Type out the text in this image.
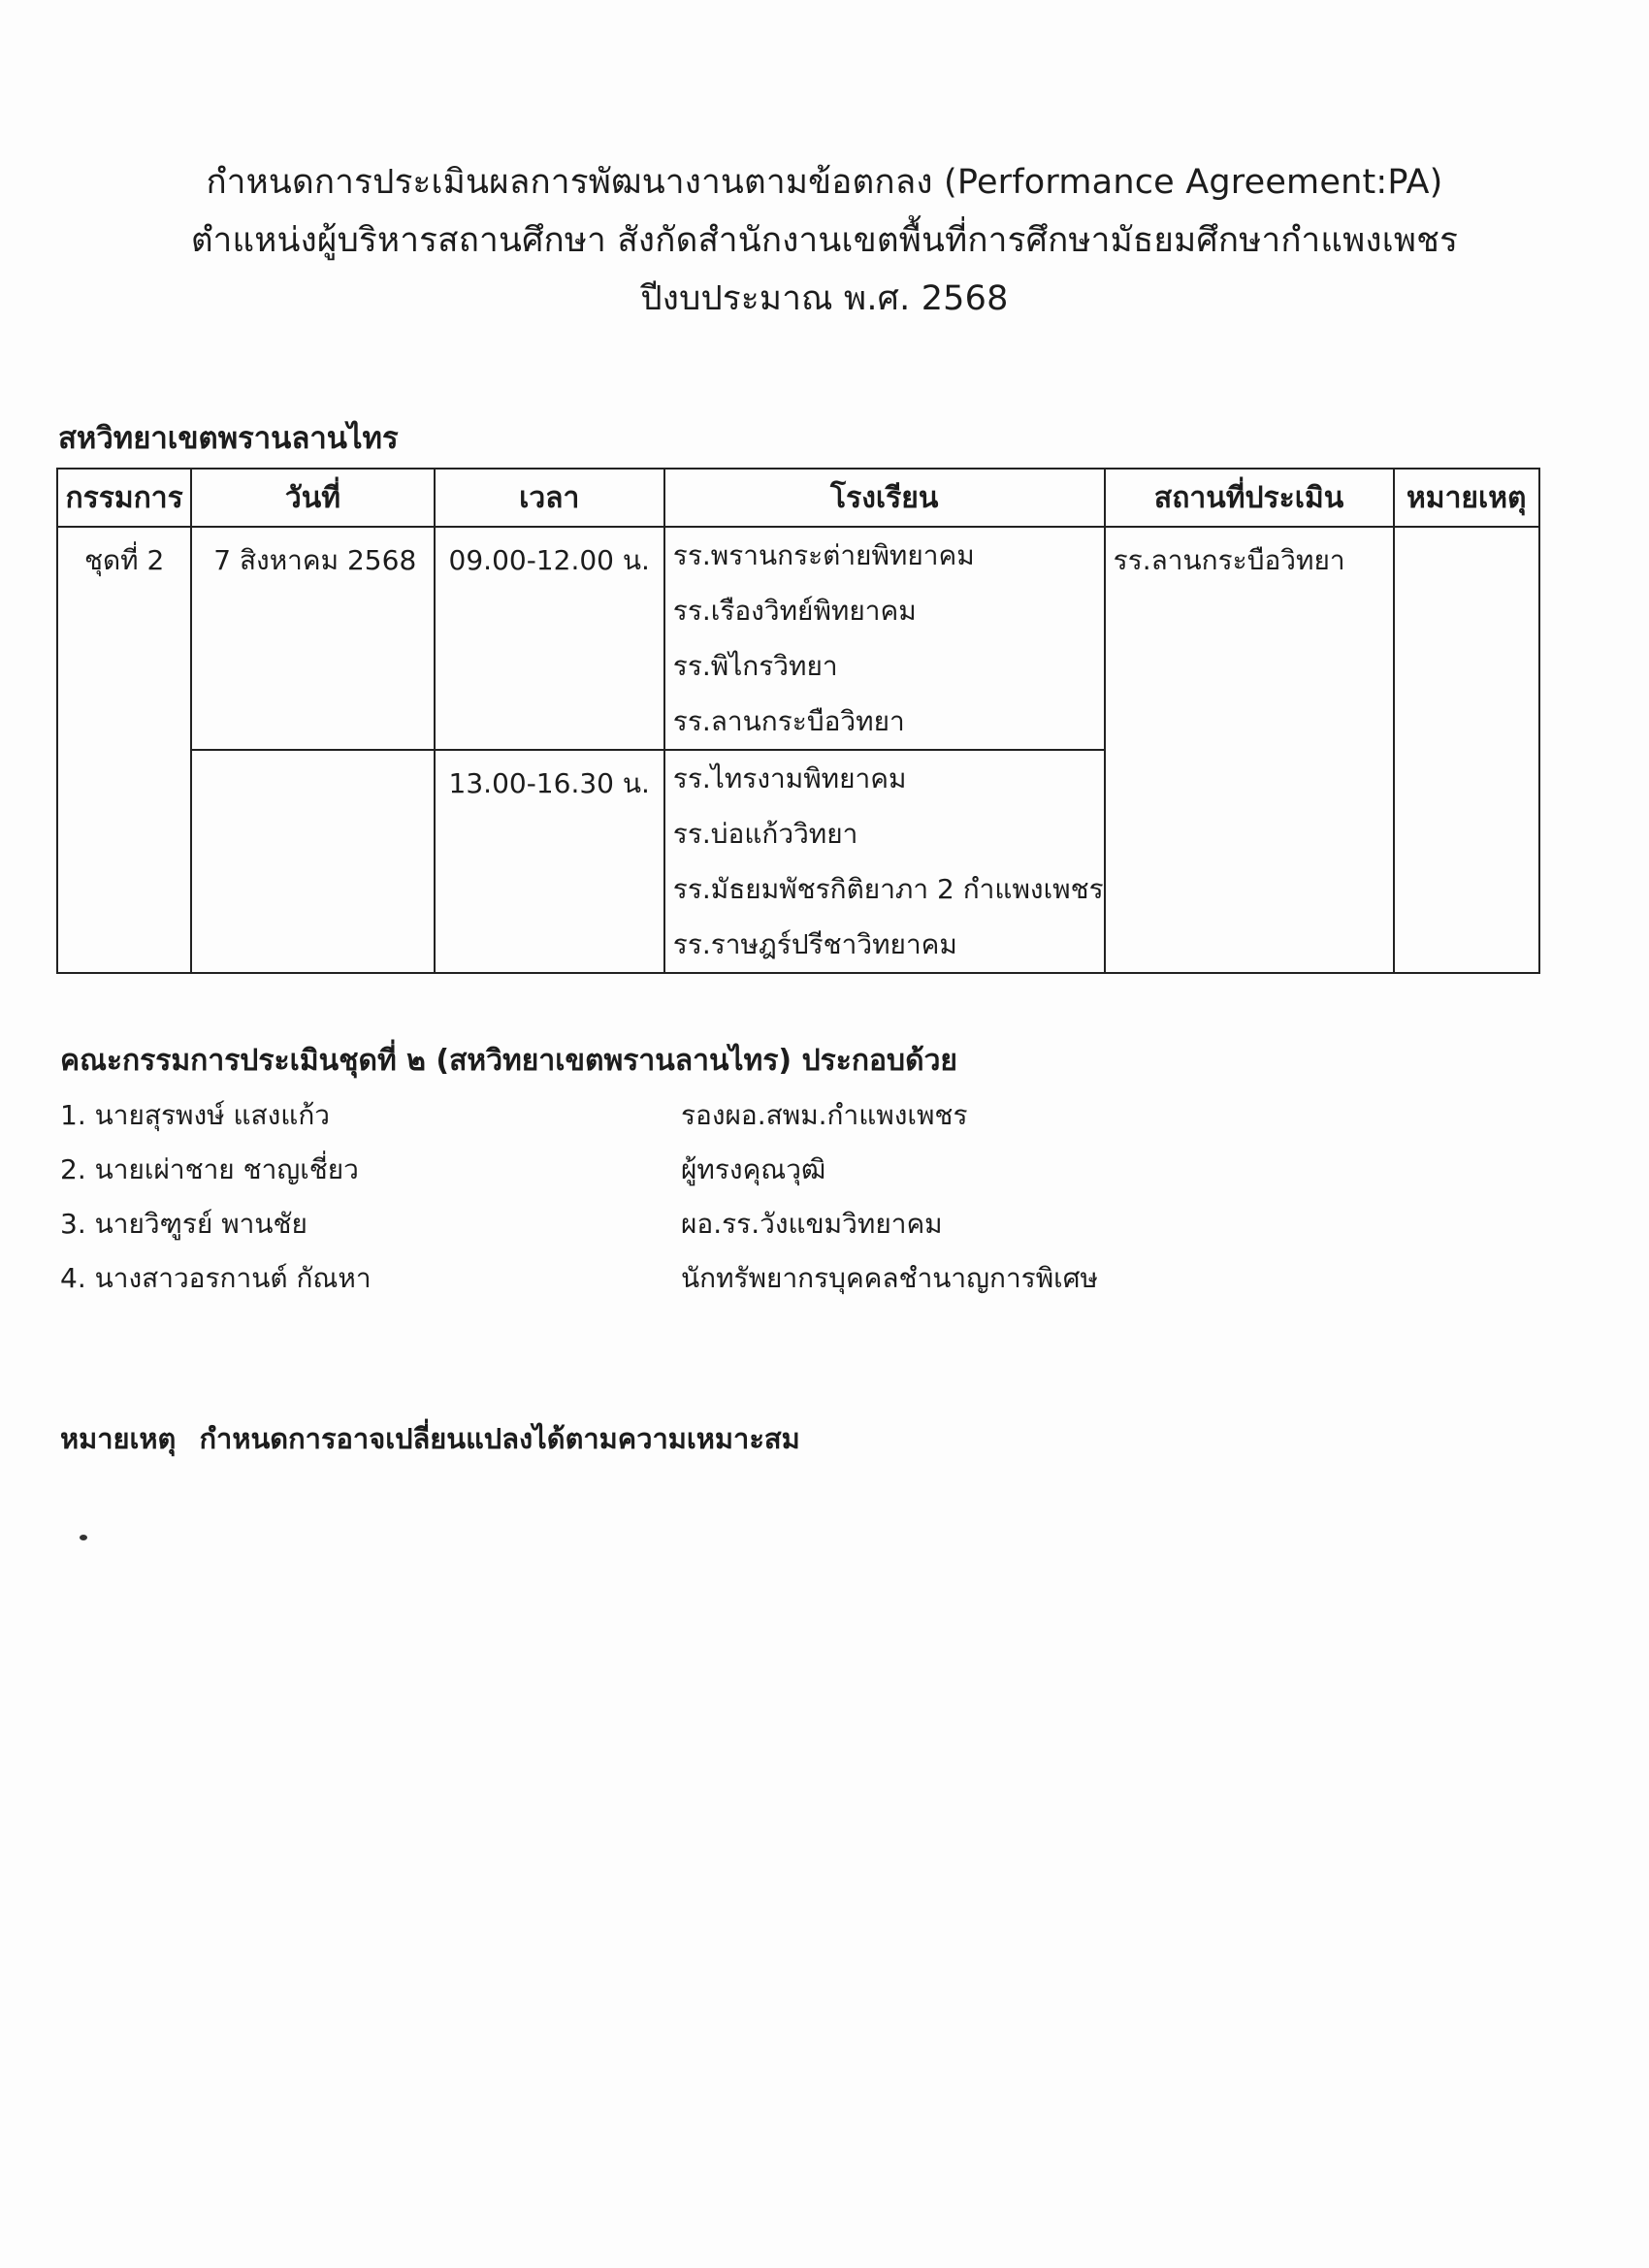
กำหนดการประเมินผลการพัฒนางานตามข้อตกลง (Performance Agreement:PA)
ตำแหน่งผู้บริหารสถานศึกษา สังกัดสำนักงานเขตพื้นที่การศึกษามัธยมศึกษากำแพงเพชร
ปีงบประมาณ พ.ศ. 2568
สหวิทยาเขตพรานลานไทร
กรรมการ	วันที่	เวลา	โรงเรียน	สถานที่ประเมิน	หมายเหตุ

ชุดที่ 2	7 สิงหาคม 2568	09.00-12.00 น.	รร.พรานกระต่ายพิทยาคม
รร.เรืองวิทย์พิทยาคม
รร.พิไกรวิทยา
รร.ลานกระบือวิทยา	รร.ลานกระบือวิทยา	

		13.00-16.30 น.	รร.ไทรงามพิทยาคม
รร.บ่อแก้ววิทยา
รร.มัธยมพัชรกิติยาภา 2 กำแพงเพชร
รร.ราษฎร์ปรีชาวิทยาคม		
คณะกรรมการประเมินชุดที่ ๒ (สหวิทยาเขตพรานลานไทร) ประกอบด้วย
1. นายสุรพงษ์ แสงแก้ว	รองผอ.สพม.กำแพงเพชร
2. นายเผ่าชาย ชาญเชี่ยว	ผู้ทรงคุณวุฒิ
3. นายวิฑูรย์ พานชัย	ผอ.รร.วังแขมวิทยาคม
4. นางสาวอรกานต์ กัณหา	นักทรัพยากรบุคคลชำนาญการพิเศษ
หมายเหตุ กำหนดการอาจเปลี่ยนแปลงได้ตามความเหมาะสม
